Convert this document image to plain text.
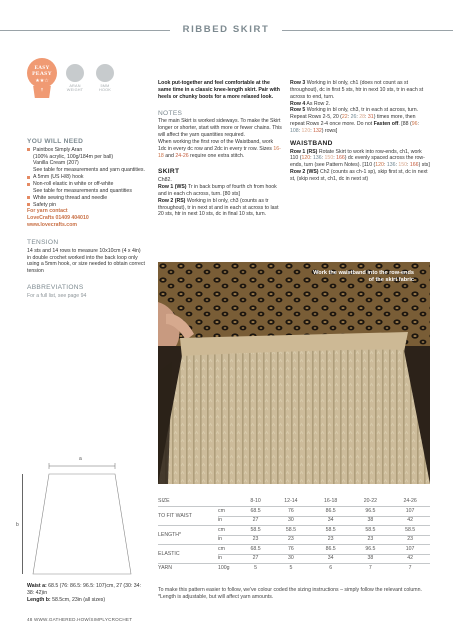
RIBBED SKIRT
EASY
PEASY
★★☆
ARAN
WEIGHT
5MM
HOOK
YOU WILL NEED
Paintbox Simply Aran
(100% acrylic, 100g/184m per ball)
Vanilla Cream (207)
See table for measurements and yarn quantities.
A 5mm (US H/8) hook
Non-roll elastic in white or off-white
See table for measurements and quantities
White sewing thread and needle
Safety pin
For yarn contact
LoveCrafts 01409 404010
www.lovecrafts.com
TENSION
14 sts and 14 rows to measure 10x10cm (4 x 4in) in double crochet worked into the back loop only using a 5mm hook, or size needed to obtain correct tension
ABBREVIATIONS
For a full list, see page 94
Look put-together and feel comfortable at the same time in a classic knee-length skirt. Pair with heels or chunky boots for a more relaxed look.
NOTES
The main Skirt is worked sideways. To make the Skirt longer or shorter, start with more or fewer chains. This will affect the yarn quantities required.
When working the first row of the Waistband, work 1dc in every dc row and 2dc in every tr row. Sizes 16-18 and 24-26 require one extra stitch.
SKIRT
Ch82.
Row 1 (WS) Tr in back bump of fourth ch from hook and in each ch across, turn. [80 sts]
Row 2 (RS) Working in bl only, ch3 (counts as tr throughout), tr in next st and in each st across to last 20 sts, htr in next 10 sts, dc in final 10 sts, turn.
Row 3 Working in bl only, ch1 (does not count as st throughout), dc in first 5 sts, htr in next 10 sts, tr in each st across to end, turn.
Row 4 As Row 2.
Row 5 Working in bl only, ch3, tr in each st across, turn.
Repeat Rows 2-5, 20 (22: 26: 28: 31) times more, then repeat Rows 2-4 once more. Do not Fasten off. [88 (96: 108: 120: 132) rows]
WAISTBAND
Row 1 (RS) Rotate Skirt to work into row-ends, ch1, work 110 (120: 136: 150: 166) dc evenly spaced across the row-ends, turn (see Pattern Notes). [110 (120: 136: 150: 166) sts]
Row 2 (WS) Ch2 (counts as ch-1 sp), skip first st, dc in next st, (skip next st, ch1, dc in next st)
Work the waistband into the row-ends of the skirt fabric
a
b
Waist a: 68.5 (76: 86.5: 96.5: 107)cm, 27 (30: 34: 38: 42)in
Length b: 58.5cm, 23in (all sizes)
SIZE		8-10	12-14	16-18	20-22	24-26
TO FIT WAIST	cm	68.5	76	86.5	96.5	107
	in	27	30	34	38	42
LENGTH*	cm	58.5	58.5	58.5	58.5	58.5
	in	23	23	23	23	23
ELASTIC	cm	68.5	76	86.5	96.5	107
	in	27	30	34	38	42
YARN	100g	5	5	6	7	7
To make this pattern easier to follow, we've colour coded the sizing instructions – simply follow the relevant column. *Length is adjustable, but will affect yarn amounts.
48 WWW.GATHERED.HOW/SIMPLYCROCHET
